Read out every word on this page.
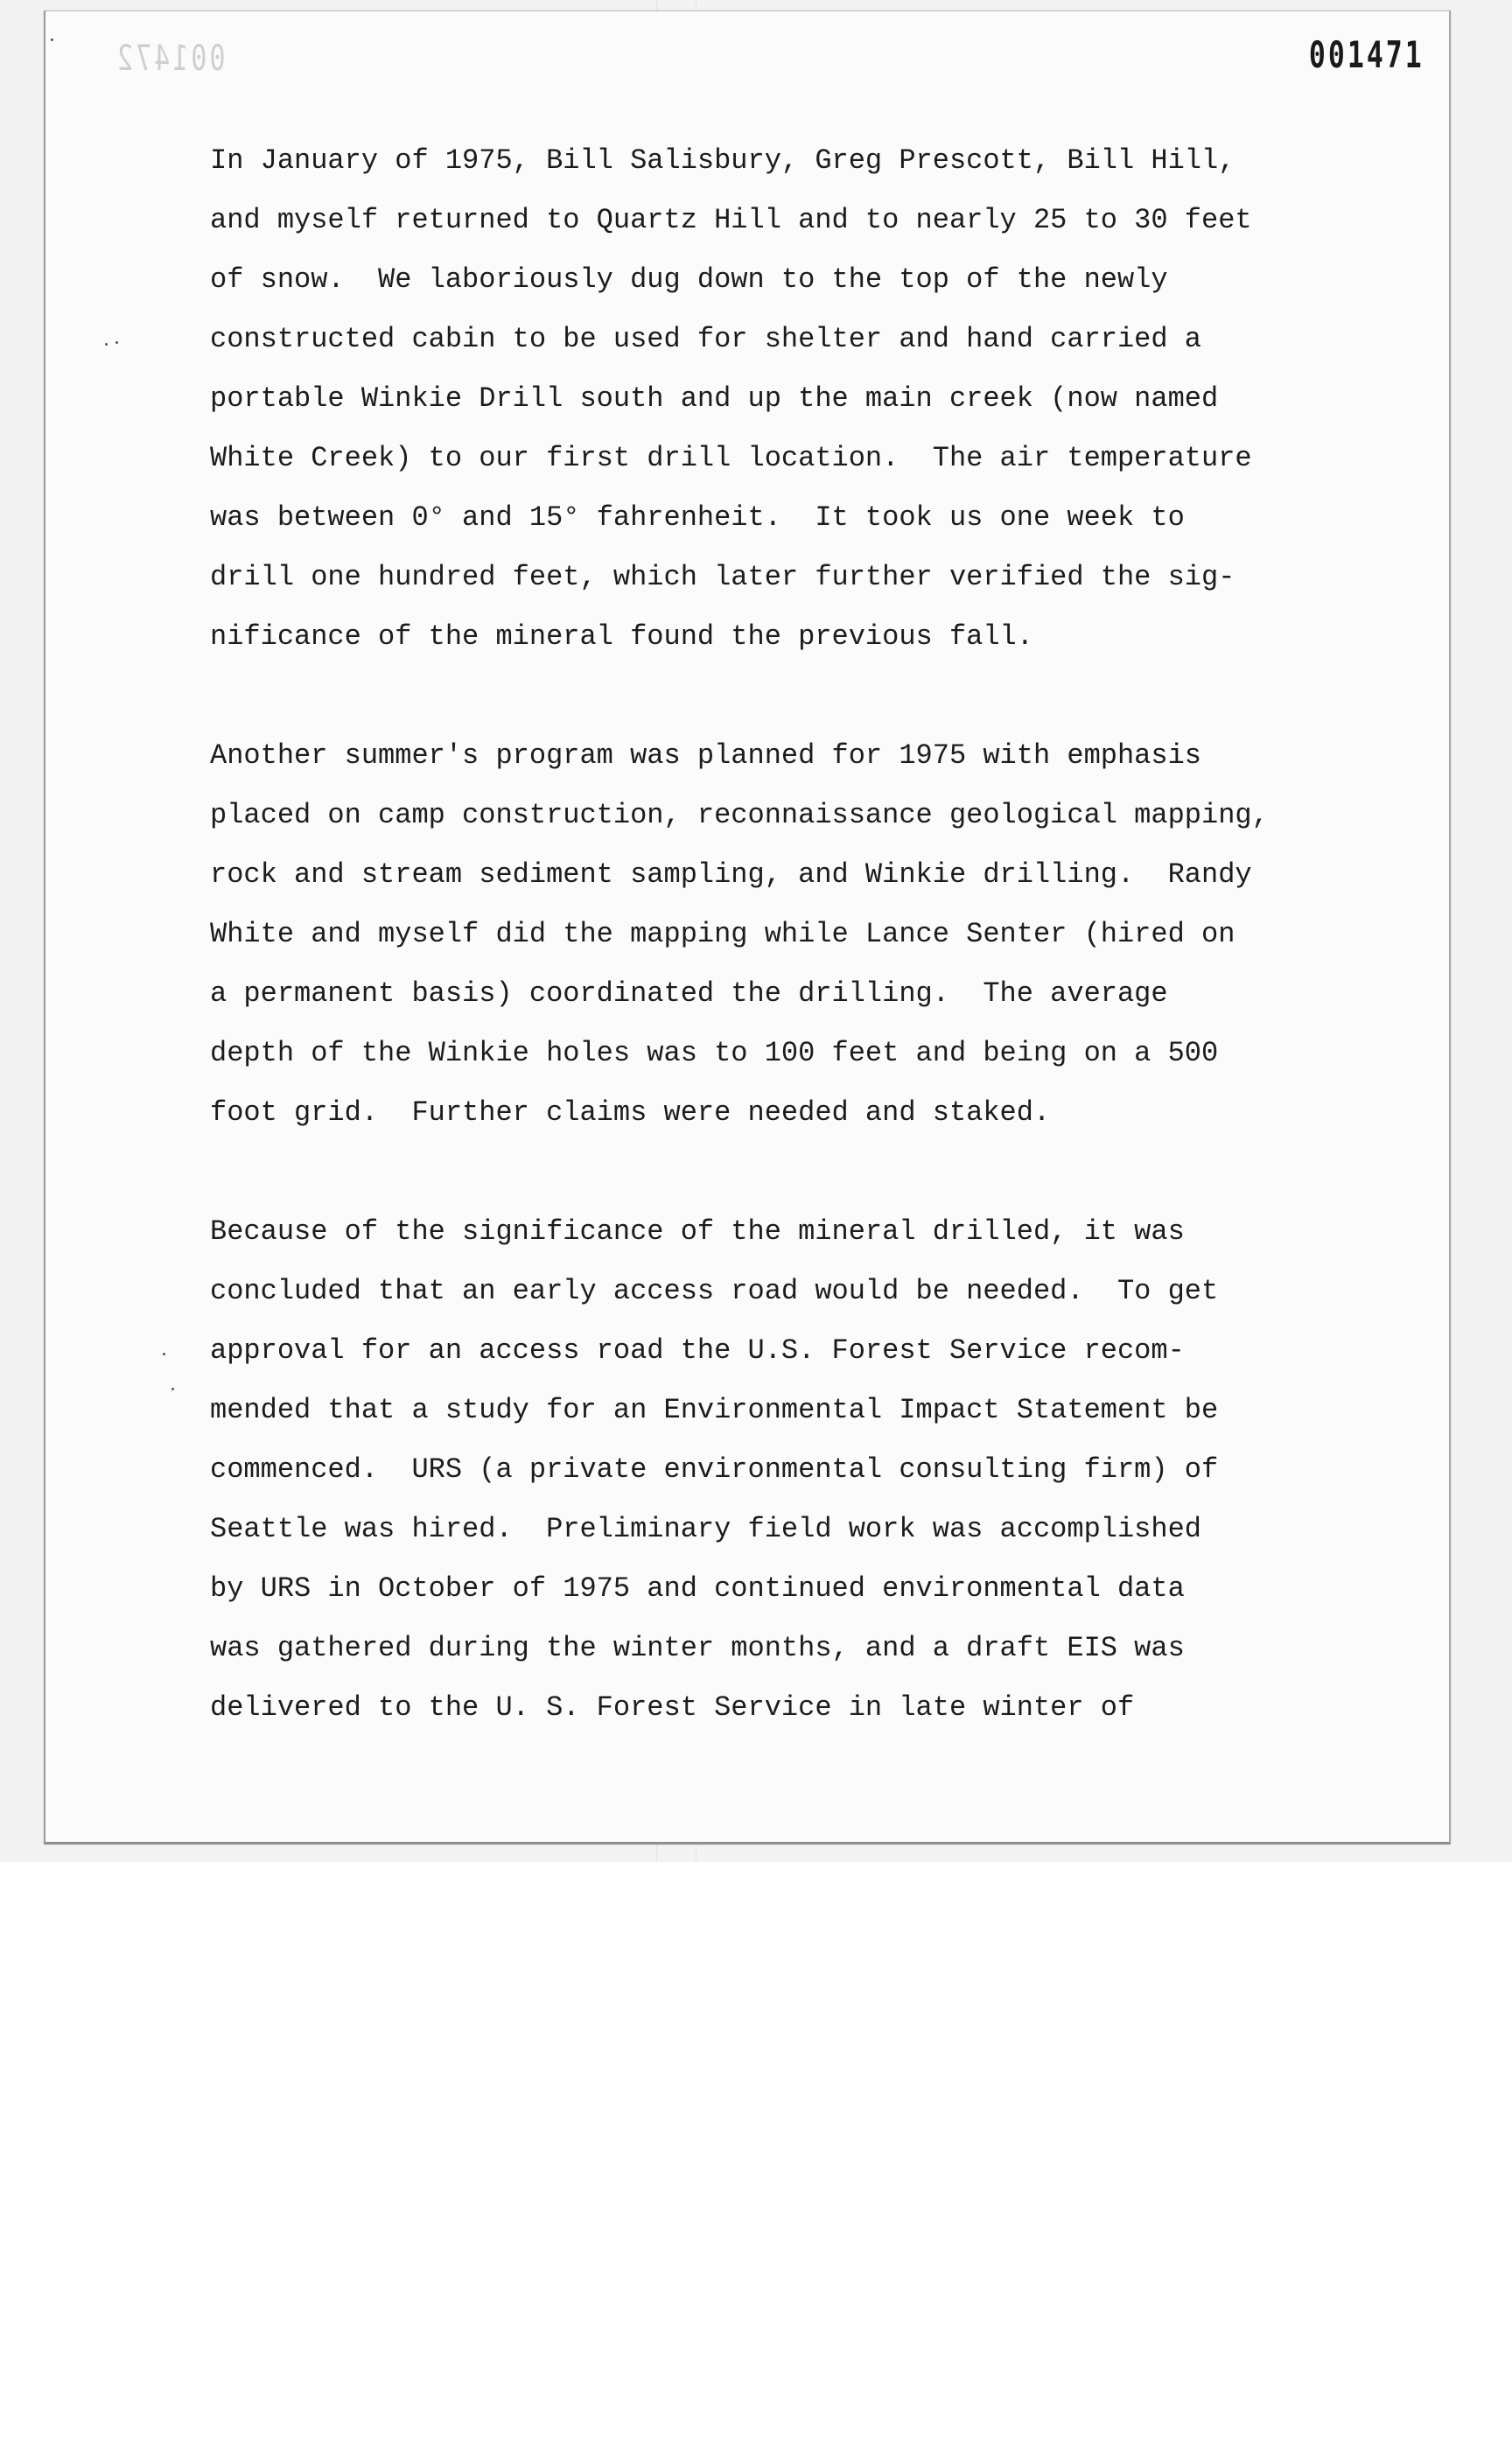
001472	001471
In January of 1975, Bill Salisbury, Greg Prescott, Bill Hill,
and myself returned to Quartz Hill and to nearly 25 to 30 feet
of snow.  We laboriously dug down to the top of the newly
constructed cabin to be used for shelter and hand carried a
portable Winkie Drill south and up the main creek (now named
White Creek) to our first drill location.  The air temperature
was between 0° and 15° fahrenheit.  It took us one week to
drill one hundred feet, which later further verified the sig-
nificance of the mineral found the previous fall.
Another summer's program was planned for 1975 with emphasis
placed on camp construction, reconnaissance geological mapping,
rock and stream sediment sampling, and Winkie drilling.  Randy
White and myself did the mapping while Lance Senter (hired on
a permanent basis) coordinated the drilling.  The average
depth of the Winkie holes was to 100 feet and being on a 500
foot grid.  Further claims were needed and staked.
Because of the significance of the mineral drilled, it was
concluded that an early access road would be needed.  To get
approval for an access road the U.S. Forest Service recom-
mended that a study for an Environmental Impact Statement be
commenced.  URS (a private environmental consulting firm) of
Seattle was hired.  Preliminary field work was accomplished
by URS in October of 1975 and continued environmental data
was gathered during the winter months, and a draft EIS was
delivered to the U. S. Forest Service in late winter of
